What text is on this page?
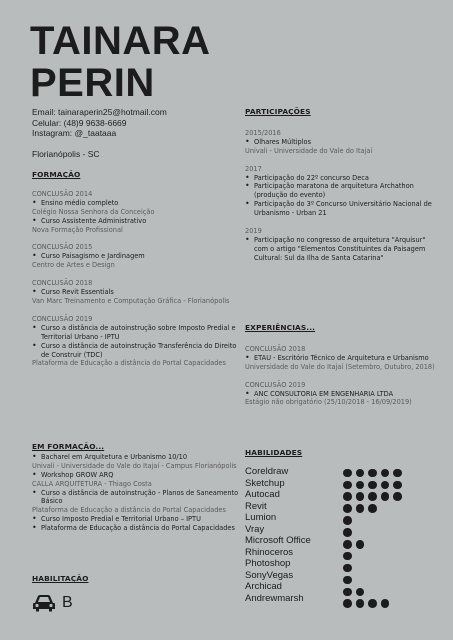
TAINARA
PERIN
Email: tainaraperin25@hotmail.com
Celular: (48)9 9638-6669
Instagram: @_taataaa
Florianópolis - SC
FORMAÇÃO
CONCLUSÃO 2014
• Ensino médio completo
Colégio Nossa Senhora da Conceição
• Curso Assistente Administrativo
Nova Formação Profissional
CONCLUSÃO 2015
• Curso Paisagismo e Jardinagem
Centro de Artes e Design
CONCLUSÃO 2018
• Curso Revit Essentials
Van Marc Treinamento e Computação Gráfica - Florianópolis
CONCLUSÃO 2019
• Curso a distância de autoinstrução sobre Imposto Predial e Territorial Urbano - IPTU
• Curso a distância de autoinstrução Transferência do Direito de Construir (TDC)
Plataforma de Educação a distância do Portal Capacidades
EM FORMAÇÃO...
• Bacharel em Arquitetura e Urbanismo 10/10
Univali - Universidade do Vale do Itajaí - Campus Florianópolis
• Workshop GROW ARQ
CALLA ARQUITETURA - Thiago Costa
• Curso a distância de autoinstrução - Planos de Saneamento Básico
Plataforma de Educação a distância do Portal Capacidades
• Curso Imposto Predial e Territorial Urbano – IPTU
• Plataforma de Educação a distância do Portal Capacidades
HABILITAÇÃO
B
PARTICIPAÇÕES
2015/2016
• Olhares Múltiplos
Univali - Universidade do Vale do Itajaí
2017
• Participação do 22º concurso Deca
• Participação maratona de arquitetura Archathon (produção do evento)
• Participação do 3º Concurso Universitário Nacional de Urbanismo - Urban 21
2019
• Participação no congresso de arquitetura "Arquisur" com o artigo "Elementos Constituintes da Paisagem Cultural: Sul da Ilha de Santa Catarina"
EXPERIÊNCIAS...
CONCLUSÃO 2018
• ETAU - Escritório Técnico de Arquitetura e Urbanismo
Universidade do Vale do Itajaí (Setembro, Outubro, 2018)
CONCLUSÃO 2019
• ANC CONSULTORIA EM ENGENHARIA LTDA
Estágio não obrigatório (25/10/2018 - 16/09/2019)
HABILIDADES
Coreldraw
Sketchup
Autocad
Revit
Lumion
Vray
Microsoft Office
Rhinoceros
Photoshop
SonyVegas
Archicad
Andrewmarsh
